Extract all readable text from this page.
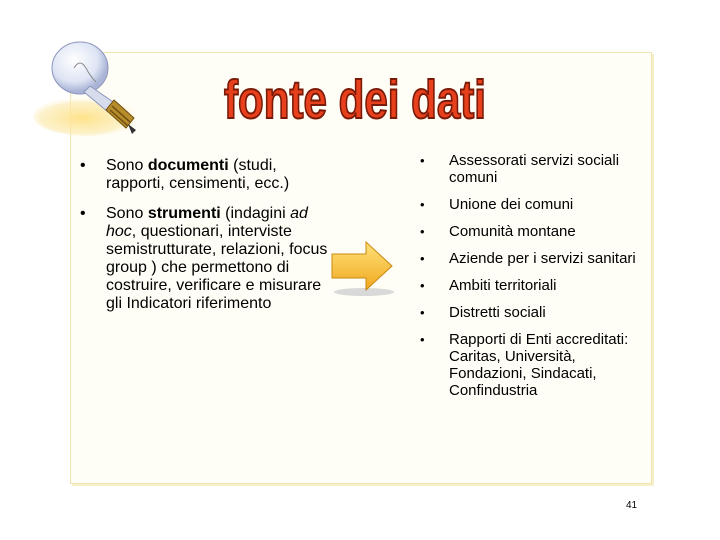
fonte dei dati
• Sono documenti (studi, rapporti, censimenti, ecc.)
• Sono strumenti (indagini ad hoc, questionari, interviste semistrutturate, relazioni, focus group ) che permettono di costruire, verificare e misurare gli Indicatori riferimento
• Assessorati servizi sociali comuni
• Unione dei comuni
• Comunità montane
• Aziende per i servizi sanitari
• Ambiti territoriali
• Distretti sociali
• Rapporti di Enti accreditati: Caritas, Università, Fondazioni, Sindacati, Confindustria
41
